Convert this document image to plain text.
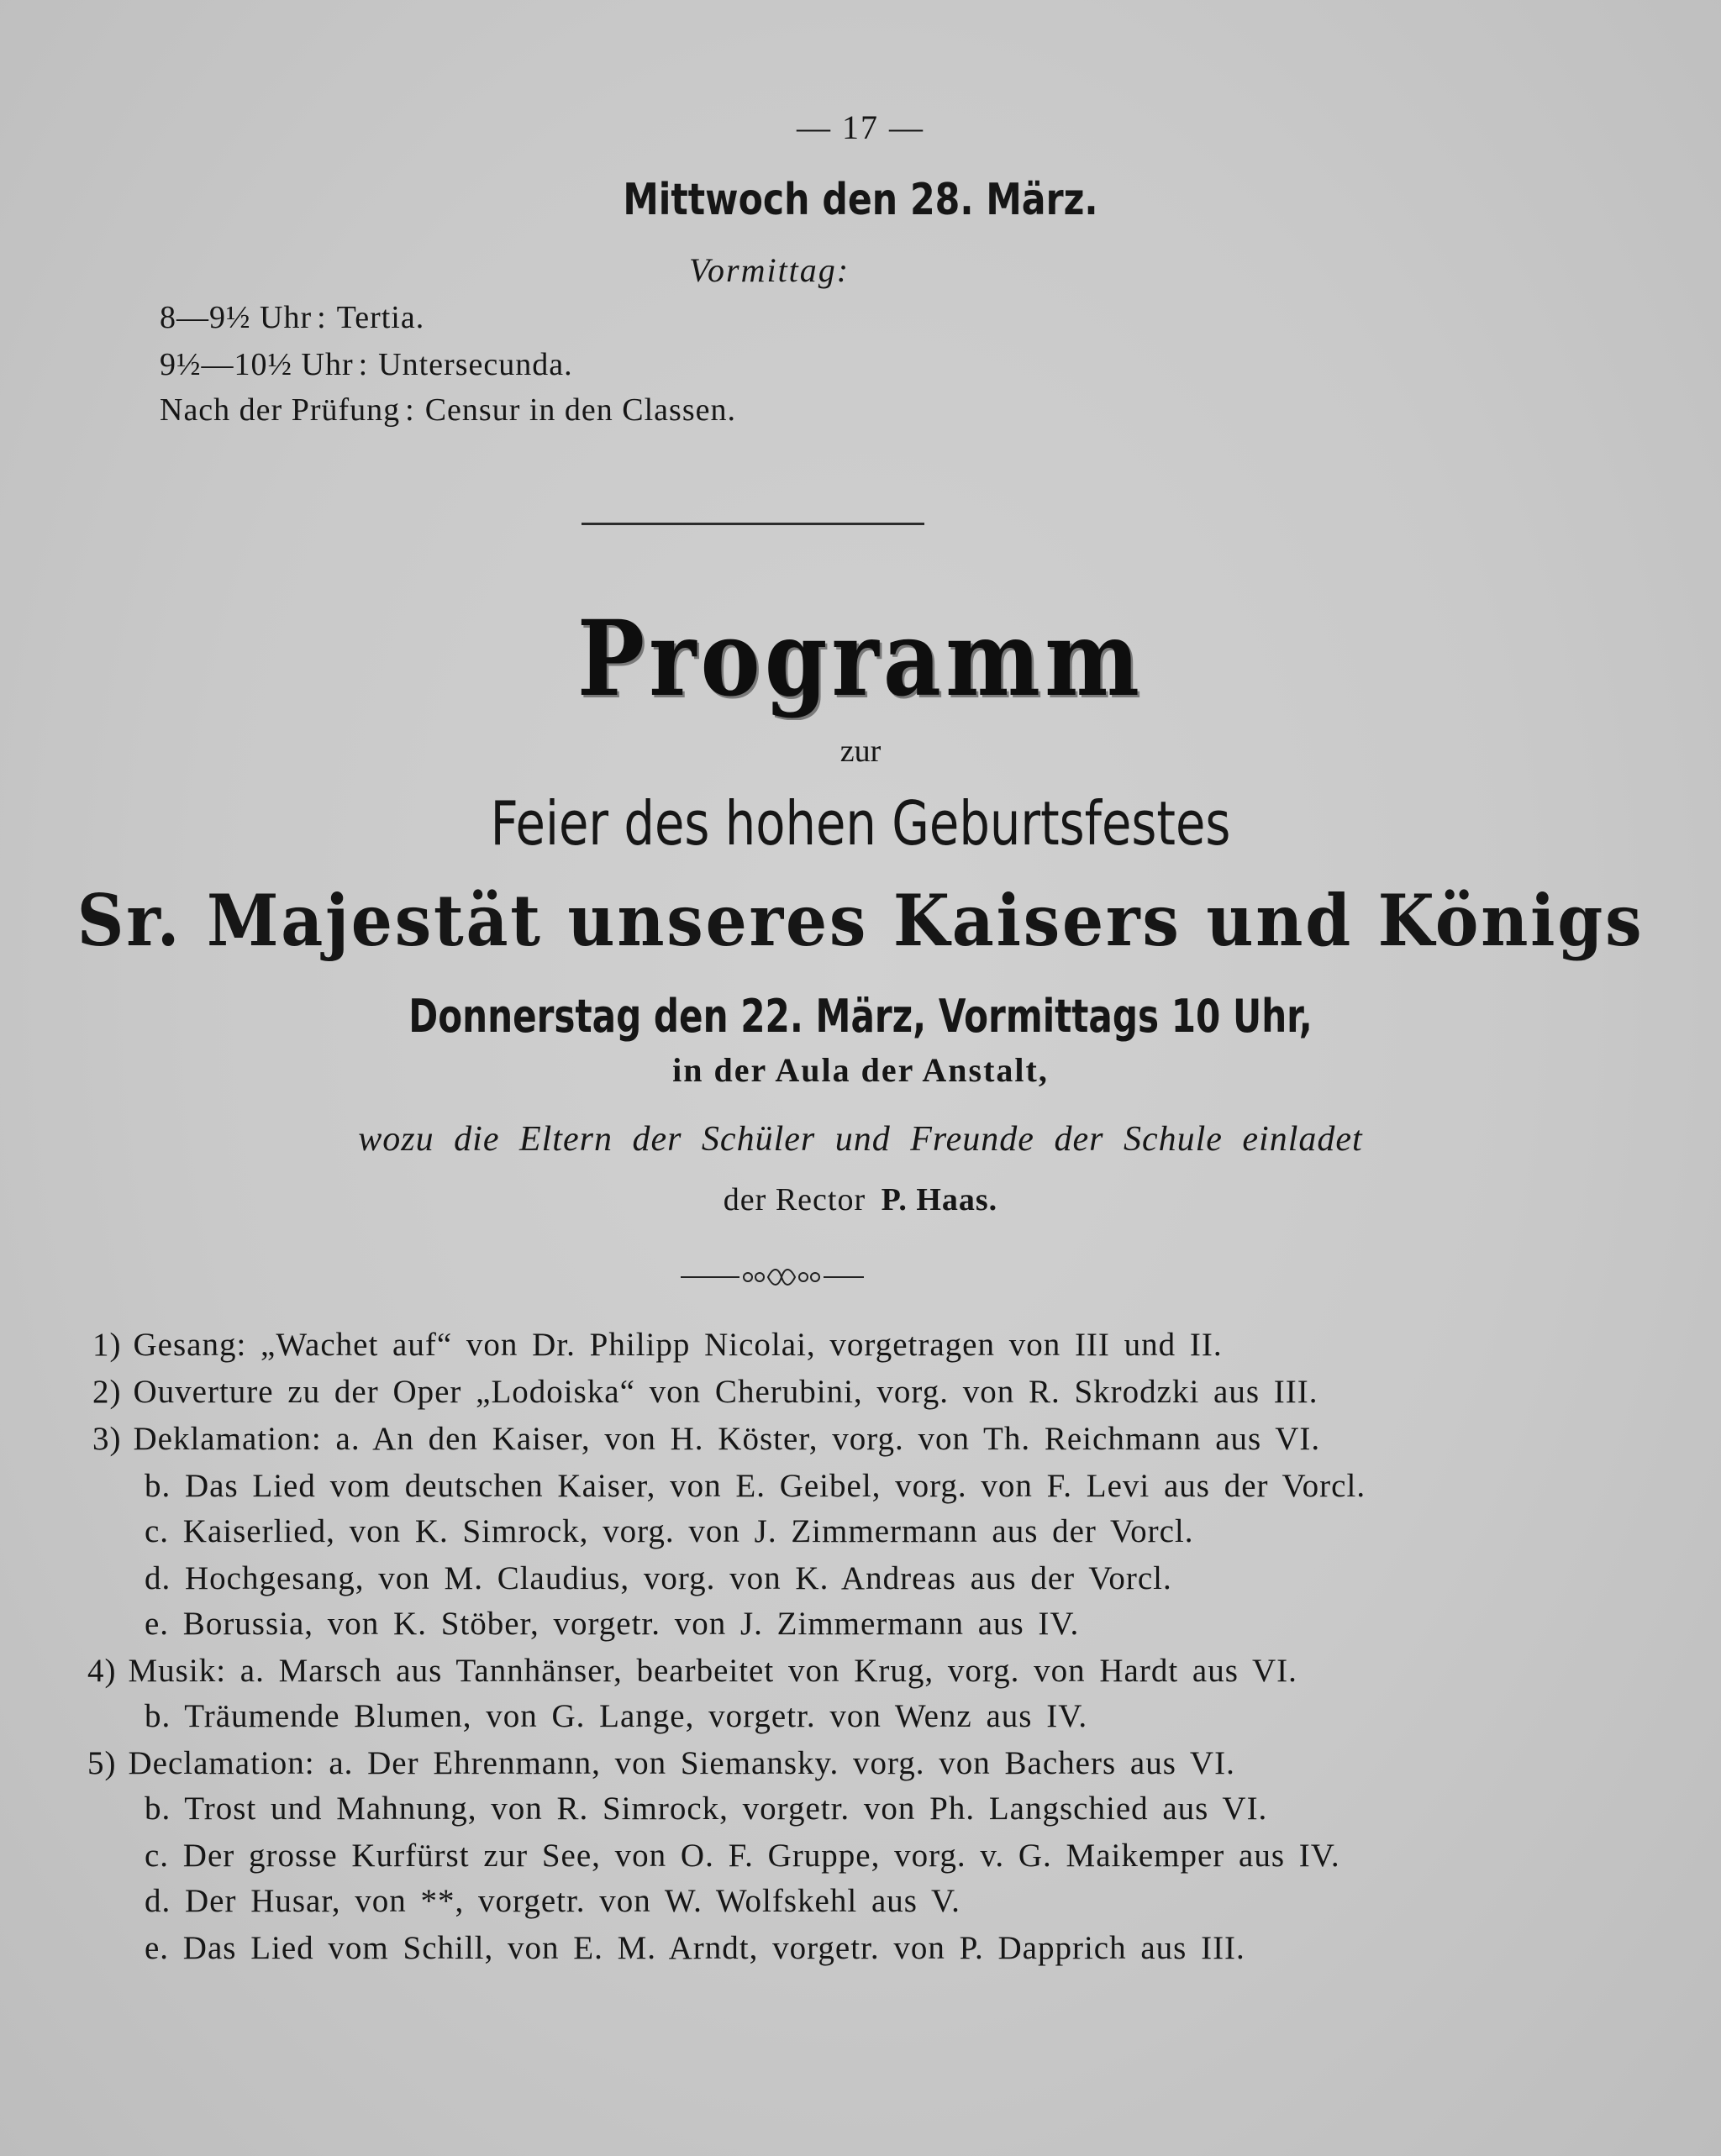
— 17 —
Mittwoch den 28. März.
Vormittag:
8—9½ Uhr : Tertia.
9½—10½ Uhr : Untersecunda.
Nach der Prüfung : Censur in den Classen.
Programm
zur
Feier des hohen Geburtsfestes
Sr. Majestät unseres Kaisers und Königs
Donnerstag den 22. März, Vormittags 10 Uhr,
in der Aula der Anstalt,
wozu die Eltern der Schüler und Freunde der Schule einladet
der Rector P. Haas.
1) Gesang: „Wachet auf“ von Dr. Philipp Nicolai, vorgetragen von III und II.
2) Ouverture zu der Oper „Lodoiska“ von Cherubini, vorg. von R. Skrodzki aus III.
3) Deklamation: a. An den Kaiser, von H. Köster, vorg. von Th. Reichmann aus VI.
b. Das Lied vom deutschen Kaiser, von E. Geibel, vorg. von F. Levi aus der Vorcl.
c. Kaiserlied, von K. Simrock, vorg. von J. Zimmermann aus der Vorcl.
d. Hochgesang, von M. Claudius, vorg. von K. Andreas aus der Vorcl.
e. Borussia, von K. Stöber, vorgetr. von J. Zimmermann aus IV.
4) Musik: a. Marsch aus Tannhänser, bearbeitet von Krug, vorg. von Hardt aus VI.
b. Träumende Blumen, von G. Lange, vorgetr. von Wenz aus IV.
5) Declamation: a. Der Ehrenmann, von Siemansky. vorg. von Bachers aus VI.
b. Trost und Mahnung, von R. Simrock, vorgetr. von Ph. Langschied aus VI.
c. Der grosse Kurfürst zur See, von O. F. Gruppe, vorg. v. G. Maikemper aus IV.
d. Der Husar, von **, vorgetr. von W. Wolfskehl aus V.
e. Das Lied vom Schill, von E. M. Arndt, vorgetr. von P. Dapprich aus III.
